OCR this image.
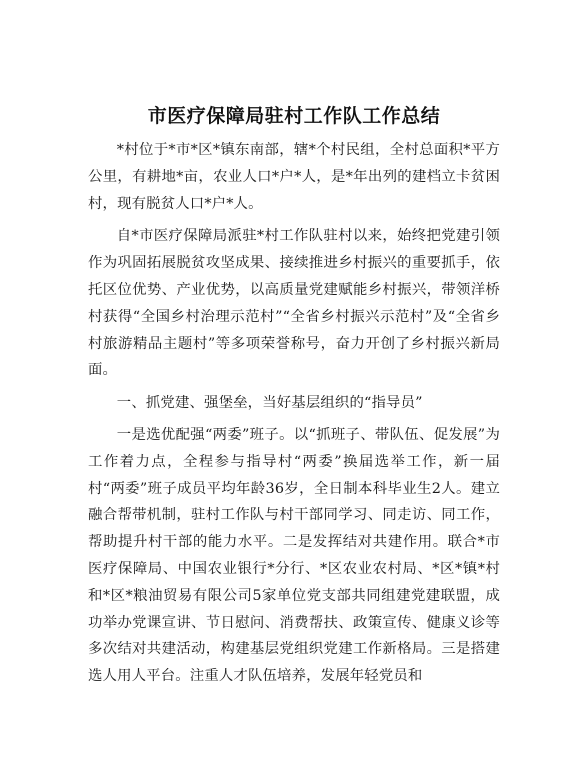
市医疗保障局驻村工作队工作总结

*村位于*市*区*镇东南部，辖*个村民组，全村总面积*平方公里，有耕地*亩，农业人口*户*人，是*年出列的建档立卡贫困村，现有脱贫人口*户*人。

自*市医疗保障局派驻*村工作队驻村以来，始终把党建引领作为巩固拓展脱贫攻坚成果、接续推进乡村振兴的重要抓手，依托区位优势、产业优势，以高质量党建赋能乡村振兴，带领洋桥村获得“全国乡村治理示范村”“全省乡村振兴示范村”及“全省乡村旅游精品主题村”等多项荣誉称号，奋力开创了乡村振兴新局面。

一、抓党建、强堡垒，当好基层组织的“指导员”

一是选优配强“两委”班子。以“抓班子、带队伍、促发展”为工作着力点，全程参与指导村“两委”换届选举工作，新一届村“两委”班子成员平均年龄36岁，全日制本科毕业生2人。建立融合帮带机制，驻村工作队与村干部同学习、同走访、同工作，帮助提升村干部的能力水平。二是发挥结对共建作用。联合*市医疗保障局、中国农业银行*分行、*区农业农村局、*区*镇*村和*区*粮油贸易有限公司5家单位党支部共同组建党建联盟，成功举办党课宣讲、节日慰问、消费帮扶、政策宣传、健康义诊等多次结对共建活动，构建基层党组织党建工作新格局。三是搭建选人用人平台。注重人才队伍培养，发展年轻党员和
